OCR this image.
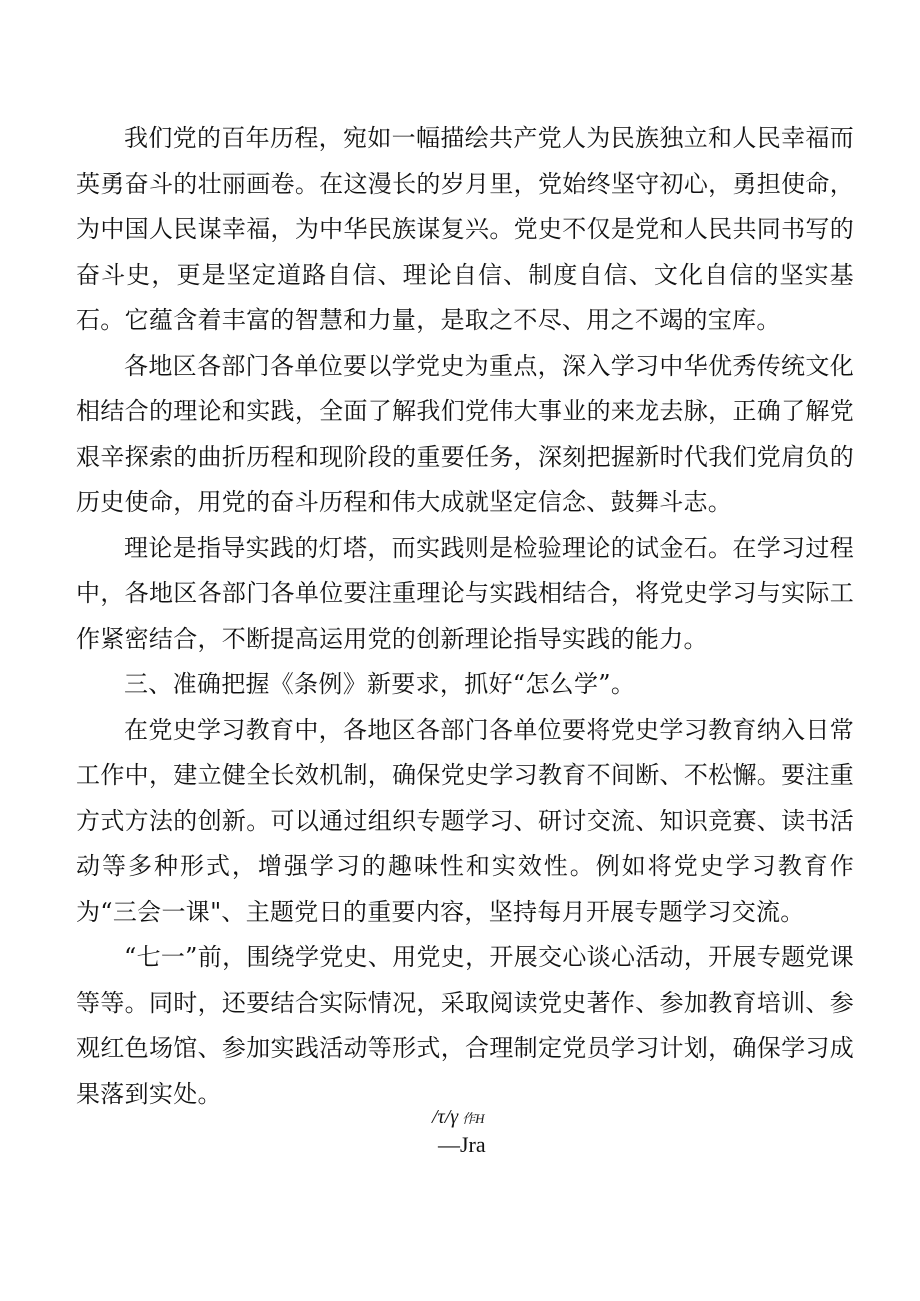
我们党的百年历程，宛如一幅描绘共产党人为民族独立和人民幸福而英勇奋斗的壮丽画卷。在这漫长的岁月里，党始终坚守初心，勇担使命，为中国人民谋幸福，为中华民族谋复兴。党史不仅是党和人民共同书写的奋斗史，更是坚定道路自信、理论自信、制度自信、文化自信的坚实基石。它蕴含着丰富的智慧和力量，是取之不尽、用之不竭的宝库。

各地区各部门各单位要以学党史为重点，深入学习中华优秀传统文化相结合的理论和实践，全面了解我们党伟大事业的来龙去脉，正确了解党艰辛探索的曲折历程和现阶段的重要任务，深刻把握新时代我们党肩负的历史使命，用党的奋斗历程和伟大成就坚定信念、鼓舞斗志。

理论是指导实践的灯塔，而实践则是检验理论的试金石。在学习过程中，各地区各部门各单位要注重理论与实践相结合，将党史学习与实际工作紧密结合，不断提高运用党的创新理论指导实践的能力。

三、准确把握《条例》新要求，抓好“怎么学”。

在党史学习教育中，各地区各部门各单位要将党史学习教育纳入日常工作中，建立健全长效机制，确保党史学习教育不间断、不松懈。要注重方式方法的创新。可以通过组织专题学习、研讨交流、知识竞赛、读书活动等多种形式，增强学习的趣味性和实效性。例如将党史学习教育作为“三会一课"、主题党日的重要内容，坚持每月开展专题学习交流。

“七一”前，围绕学党史、用党史，开展交心谈心活动，开展专题党课等等。同时，还要结合实际情况，采取阅读党史著作、参加教育培训、参观红色场馆、参加实践活动等形式，合理制定党员学习计划，确保学习成果落到实处。

/τ/γ 作H
—Jra
